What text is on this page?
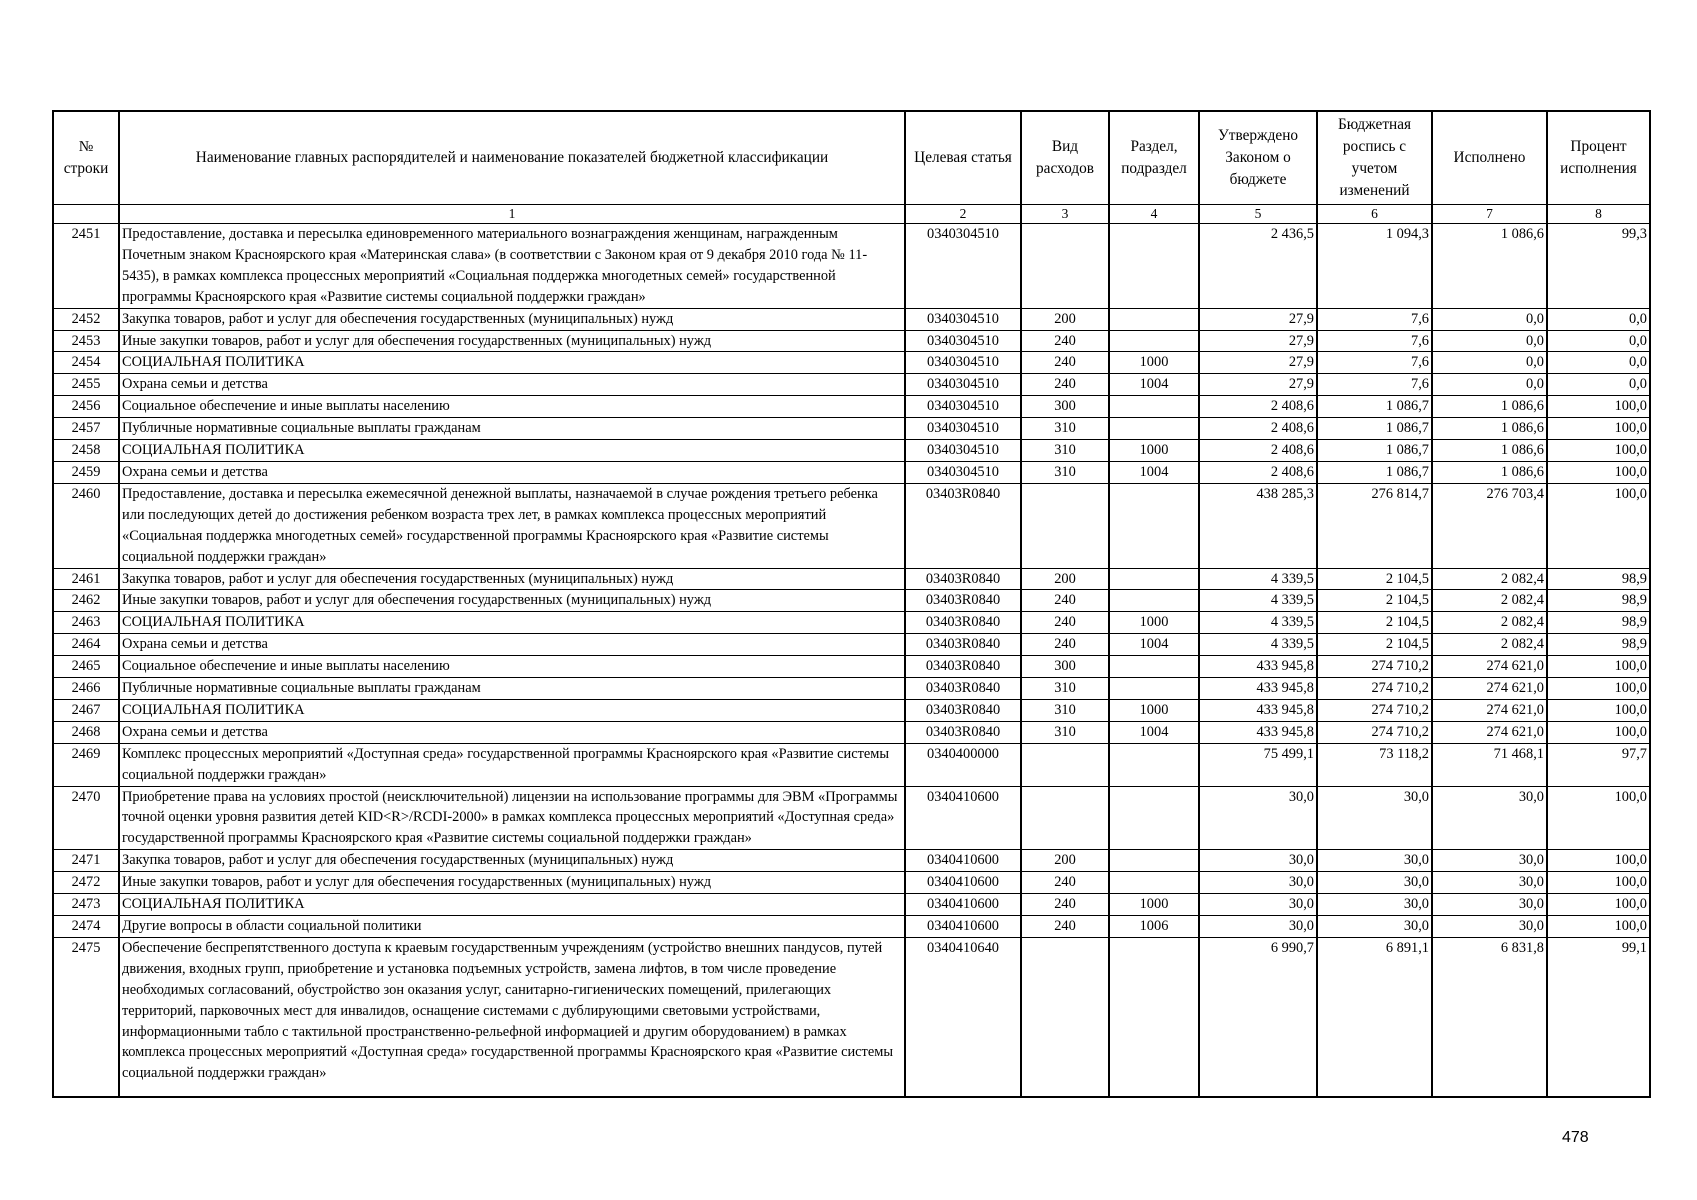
№ строки	Наименование главных распорядителей и наименование показателей бюджетной классификации	Целевая статья	Вид расходов	Раздел, подраздел	Утверждено Законом о бюджете	Бюджетная роспись с учетом изменений	Исполнено	Процент исполнения
	1	2	3	4	5	6	7	8
2451	Предоставление, доставка и пересылка единовременного материального вознаграждения женщинам, награжденным Почетным знаком Красноярского края «Материнская слава» (в соответствии с Законом края от 9 декабря 2010 года № 11-5435), в рамках комплекса процессных мероприятий «Социальная поддержка многодетных семей» государственной программы Красноярского края «Развитие системы социальной поддержки граждан»	0340304510			2 436,5	1 094,3	1 086,6	99,3
2452	Закупка товаров, работ и услуг для обеспечения государственных (муниципальных) нужд	0340304510	200		27,9	7,6	0,0	0,0
2453	Иные закупки товаров, работ и услуг для обеспечения государственных (муниципальных) нужд	0340304510	240		27,9	7,6	0,0	0,0
2454	СОЦИАЛЬНАЯ ПОЛИТИКА	0340304510	240	1000	27,9	7,6	0,0	0,0
2455	Охрана семьи и детства	0340304510	240	1004	27,9	7,6	0,0	0,0
2456	Социальное обеспечение и иные выплаты населению	0340304510	300		2 408,6	1 086,7	1 086,6	100,0
2457	Публичные нормативные социальные выплаты гражданам	0340304510	310		2 408,6	1 086,7	1 086,6	100,0
2458	СОЦИАЛЬНАЯ ПОЛИТИКА	0340304510	310	1000	2 408,6	1 086,7	1 086,6	100,0
2459	Охрана семьи и детства	0340304510	310	1004	2 408,6	1 086,7	1 086,6	100,0
2460	Предоставление, доставка и пересылка ежемесячной денежной выплаты, назначаемой в случае рождения третьего ребенка или последующих детей до достижения ребенком возраста трех лет, в рамках комплекса процессных мероприятий «Социальная поддержка многодетных семей» государственной программы Красноярского края «Развитие системы социальной поддержки граждан»	03403R0840			438 285,3	276 814,7	276 703,4	100,0
2461	Закупка товаров, работ и услуг для обеспечения государственных (муниципальных) нужд	03403R0840	200		4 339,5	2 104,5	2 082,4	98,9
2462	Иные закупки товаров, работ и услуг для обеспечения государственных (муниципальных) нужд	03403R0840	240		4 339,5	2 104,5	2 082,4	98,9
2463	СОЦИАЛЬНАЯ ПОЛИТИКА	03403R0840	240	1000	4 339,5	2 104,5	2 082,4	98,9
2464	Охрана семьи и детства	03403R0840	240	1004	4 339,5	2 104,5	2 082,4	98,9
2465	Социальное обеспечение и иные выплаты населению	03403R0840	300		433 945,8	274 710,2	274 621,0	100,0
2466	Публичные нормативные социальные выплаты гражданам	03403R0840	310		433 945,8	274 710,2	274 621,0	100,0
2467	СОЦИАЛЬНАЯ ПОЛИТИКА	03403R0840	310	1000	433 945,8	274 710,2	274 621,0	100,0
2468	Охрана семьи и детства	03403R0840	310	1004	433 945,8	274 710,2	274 621,0	100,0
2469	Комплекс процессных мероприятий «Доступная среда» государственной программы Красноярского края «Развитие системы социальной поддержки граждан»	0340400000			75 499,1	73 118,2	71 468,1	97,7
2470	Приобретение права на условиях простой (неисключительной) лицензии на использование программы для ЭВМ «Программы точной оценки уровня развития детей KID<R>/RCDI-2000» в рамках комплекса процессных мероприятий «Доступная среда» государственной программы Красноярского края «Развитие системы социальной поддержки граждан»	0340410600			30,0	30,0	30,0	100,0
2471	Закупка товаров, работ и услуг для обеспечения государственных (муниципальных) нужд	0340410600	200		30,0	30,0	30,0	100,0
2472	Иные закупки товаров, работ и услуг для обеспечения государственных (муниципальных) нужд	0340410600	240		30,0	30,0	30,0	100,0
2473	СОЦИАЛЬНАЯ ПОЛИТИКА	0340410600	240	1000	30,0	30,0	30,0	100,0
2474	Другие вопросы в области социальной политики	0340410600	240	1006	30,0	30,0	30,0	100,0
2475	Обеспечение беспрепятственного доступа к краевым государственным учреждениям (устройство внешних пандусов, путей движения, входных групп, приобретение и установка подъемных устройств, замена лифтов, в том числе проведение необходимых согласований, обустройство зон оказания услуг, санитарно-гигиенических помещений, прилегающих территорий, парковочных мест для инвалидов, оснащение системами с дублирующими световыми устройствами, информационными табло с тактильной пространственно-рельефной информацией и другим оборудованием) в рамках комплекса процессных мероприятий «Доступная среда» государственной программы Красноярского края «Развитие системы социальной поддержки граждан»	0340410640			6 990,7	6 891,1	6 831,8	99,1
478
